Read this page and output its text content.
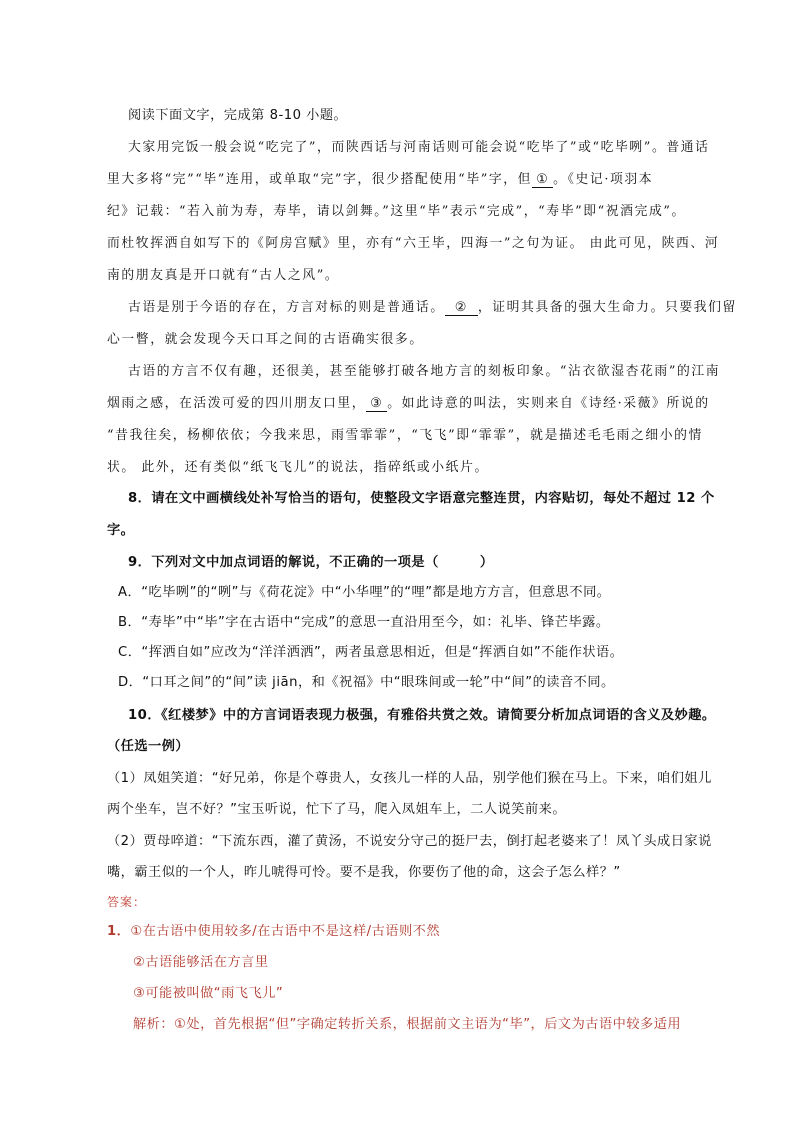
阅读下面文字，完成第 8-10 小题。
大家用完饭一般会说“吃完了”，而陕西话与河南话则可能会说“吃毕了”或“吃毕咧”。普通话
里大多将“完”“毕”连用，或单取“完”字，很少搭配使用“毕”字，但 ① 。《史记·项羽本
纪》记载：“若入前为寿，寿毕，请以剑舞。”这里“毕”表示“完成”，“寿毕”即“祝酒完成”。
而杜牧挥洒自如写下的《阿房宫赋》里，亦有“六王毕，四海一”之句为证。 由此可见，陕西、河
南的朋友真是开口就有“古人之风”。
古语是別于今语的存在，方言对标的则是普通话。 ② ，证明其具备的强大生命力。只要我们留
心一瞥，就会发现今天口耳之间的古语确实很多。
古语的方言不仅有趣，还很美，甚至能够打破各地方言的刻板印象。“沾衣欲湿杏花雨”的江南
烟雨之感，在活泼可爱的四川朋友口里， ③ 。如此诗意的叫法，实则来自《诗经·采薇》所说的
“昔我往矣，杨柳依依；今我来思，雨雪霏霏”，“飞飞”即“霏霏”，就是描述毛毛雨之细小的情
状。 此外，还有类似“纸飞飞儿”的说法，指碎纸或小纸片。
8．请在文中画横线处补写恰当的语句，使整段文字语意完整连贯，内容贴切，每处不超过 12 个
字。
9．下列对文中加点词语的解说，不正确的一项是（　　　）
A．“吃毕咧”的“咧”与《荷花淀》中“小华哩”的“哩”都是地方方言，但意思不同。
B．“寿毕”中“毕”字在古语中“完成”的意思一直沿用至今，如：礼毕、锋芒毕露。
C．“挥洒自如”应改为“洋洋洒洒”，两者虽意思相近，但是“挥洒自如”不能作状语。
D．“口耳之间”的“间”读 jiān，和《祝福》中“眼珠间或一轮”中“间”的读音不同。
10．《红楼梦》中的方言词语表现力极强，有雅俗共赏之效。请简要分析加点词语的含义及妙趣。
（任选一例）
（1）凤姐笑道：“好兄弟，你是个尊贵人，女孩儿一样的人品，别学他们猴在马上。下来，咱们姐儿
两个坐车，岂不好？”宝玉听说，忙下了马，爬入凤姐车上，二人说笑前来。
（2）贾母啐道：“下流东西，灌了黄汤，不说安分守己的挺尸去，倒打起老婆来了！凤丫头成日家说
嘴，霸王似的一个人，昨儿唬得可怜。要不是我，你要伤了他的命，这会子怎么样？”
答案：
1．①在古语中使用较多/在古语中不是这样/古语则不然
②古语能够活在方言里
③可能被叫做“雨飞飞儿”
解析：①处，首先根据“但”字确定转折关系，根据前文主语为“毕”，后文为古语中较多适用
